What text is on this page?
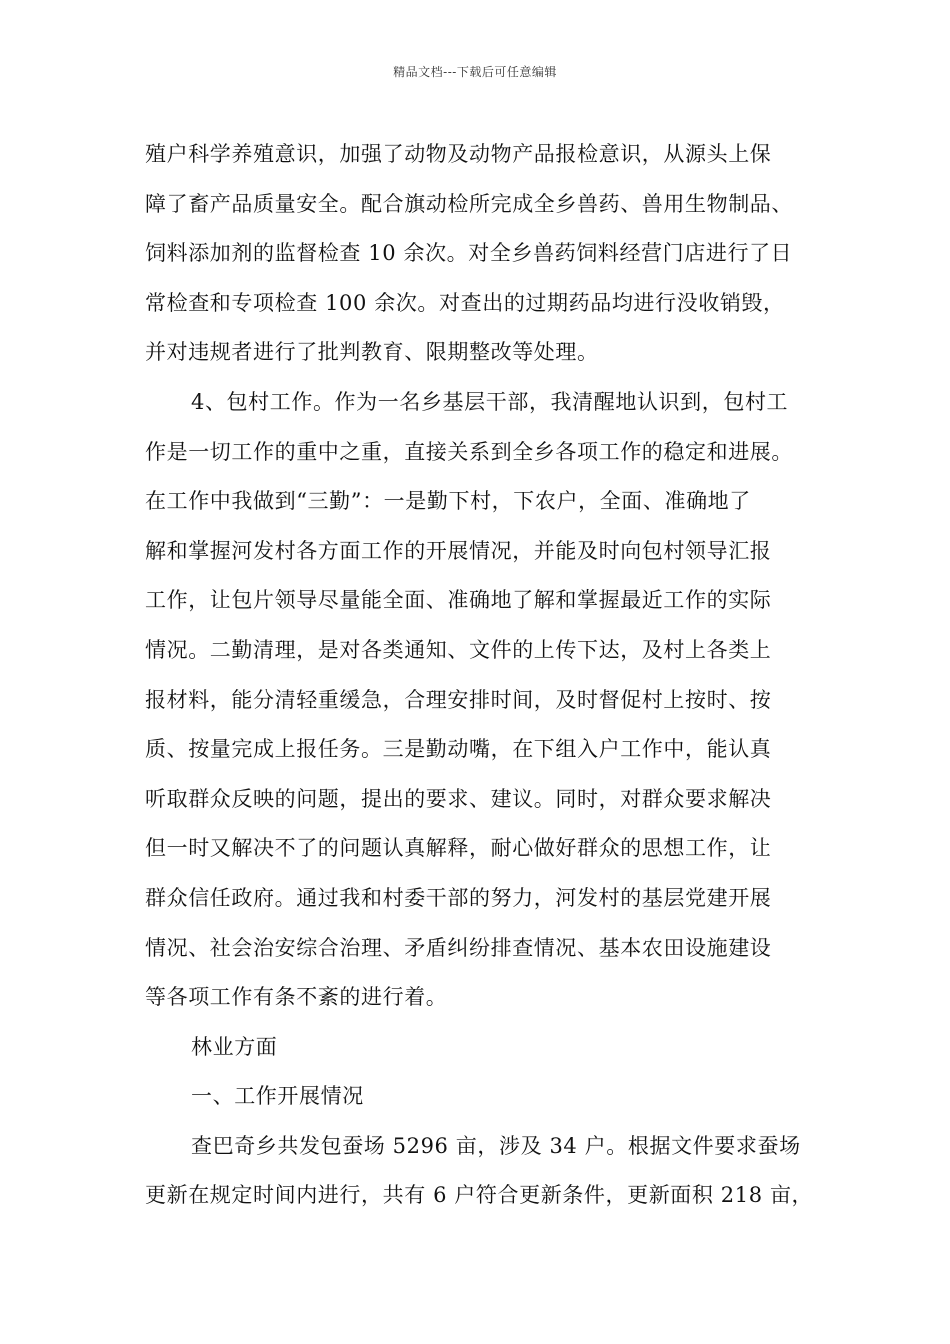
精品文档---下载后可任意编辑
殖户科学养殖意识，加强了动物及动物产品报检意识，从源头上保
障了畜产品质量安全。配合旗动检所完成全乡兽药、兽用生物制品、
饲料添加剂的监督检查 10 余次。对全乡兽药饲料经营门店进行了日
常检查和专项检查 100 余次。对查出的过期药品均进行没收销毁，
并对违规者进行了批判教育、限期整改等处理。
4、包村工作。作为一名乡基层干部，我清醒地认识到，包村工
作是一切工作的重中之重，直接关系到全乡各项工作的稳定和进展。
在工作中我做到“三勤”：一是勤下村，下农户，全面、准确地了
解和掌握河发村各方面工作的开展情况，并能及时向包村领导汇报
工作，让包片领导尽量能全面、准确地了解和掌握最近工作的实际
情况。二勤清理，是对各类通知、文件的上传下达，及村上各类上
报材料，能分清轻重缓急，合理安排时间，及时督促村上按时、按
质、按量完成上报任务。三是勤动嘴，在下组入户工作中，能认真
听取群众反映的问题，提出的要求、建议。同时，对群众要求解决
但一时又解决不了的问题认真解释，耐心做好群众的思想工作，让
群众信任政府。通过我和村委干部的努力，河发村的基层党建开展
情况、社会治安综合治理、矛盾纠纷排查情况、基本农田设施建设
等各项工作有条不紊的进行着。
林业方面
一、工作开展情况
查巴奇乡共发包蚕场 5296 亩，涉及 34 户。根据文件要求蚕场
更新在规定时间内进行，共有 6 户符合更新条件，更新面积 218 亩，
